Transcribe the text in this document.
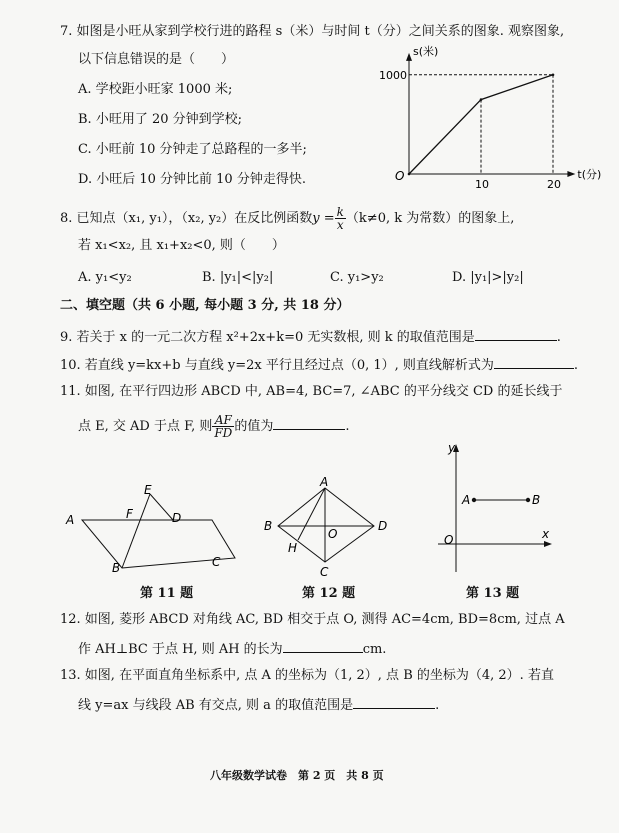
7. 如图是小旺从家到学校行进的路程 s（米）与时间 t（分）之间关系的图象. 观察图象,
以下信息错误的是（　　）
A. 学校距小旺家 1000 米;
B. 小旺用了 20 分钟到学校;
C. 小旺前 10 分钟走了总路程的一多半;
D. 小旺后 10 分钟比前 10 分钟走得快.
s(米)
1000
t(分)
10	20
O
8. 已知点（x₁, y₁），（x₂, y₂）在反比例函数$y = \frac{k}{x} (k\ne 0$, k 为常数）的图象上,
若 x₁<x₂, 且 x₁+x₂<0, 则（　　）
A. y₁<y₂	B. |y₁|<|y₂|	C. y₁>y₂	D. |y₁|>|y₂|
二、填空题（共 6 小题, 每小题 3 分, 共 18 分）
9. 若关于 x 的一元二次方程 x²+2x+k=0 无实数根, 则 k 的取值范围是	.
10. 若直线 y=kx+b 与直线 y=2x 平行且经过点（0, 1）, 则直线解析式为	.
11. 如图, 在平行四边形 ABCD 中, AB=4, BC=7, ∠ABC 的平分线交 CD 的延长线于
点 E, 交 AD 于点 F, 则 $\frac{AF}{FD}$ 的值为	.
A
E
F	D
B	C
第 11 题
A
B	D
O
H
C
第 12 题
y
A	B
O	x
第 13 题
12. 如图, 菱形 ABCD 对角线 AC, BD 相交于点 O, 测得 AC=4cm, BD=8cm, 过点 A
作 AH⊥BC 于点 H, 则 AH 的长为	cm.
13. 如图, 在平面直角坐标系中, 点 A 的坐标为（1, 2）, 点 B 的坐标为（4, 2）. 若直
线 y=ax 与线段 AB 有交点, 则 a 的取值范围是	.
八年级数学试卷　第 2 页　共 8 页
